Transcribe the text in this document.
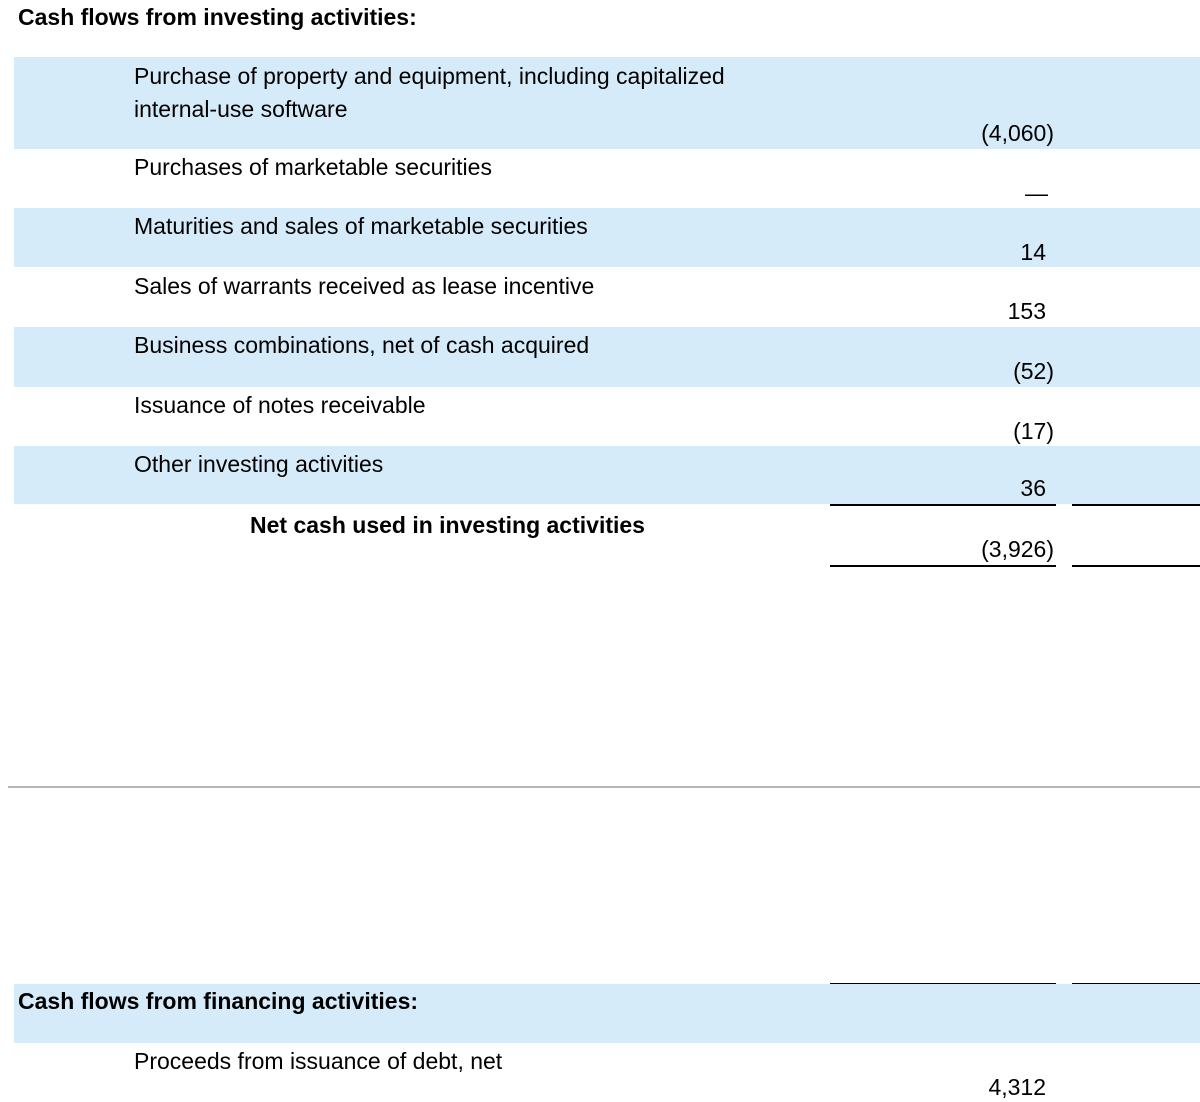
Cash flows from investing activities:
Purchase of property and equipment, including capitalized
internal-use software
(4,060)
Purchases of marketable securities
—
Maturities and sales of marketable securities
14
Sales of warrants received as lease incentive
153
Business combinations, net of cash acquired
(52)
Issuance of notes receivable
(17)
Other investing activities
36
Net cash used in investing activities
(3,926)
Cash flows from financing activities:
Proceeds from issuance of debt, net
4,312
